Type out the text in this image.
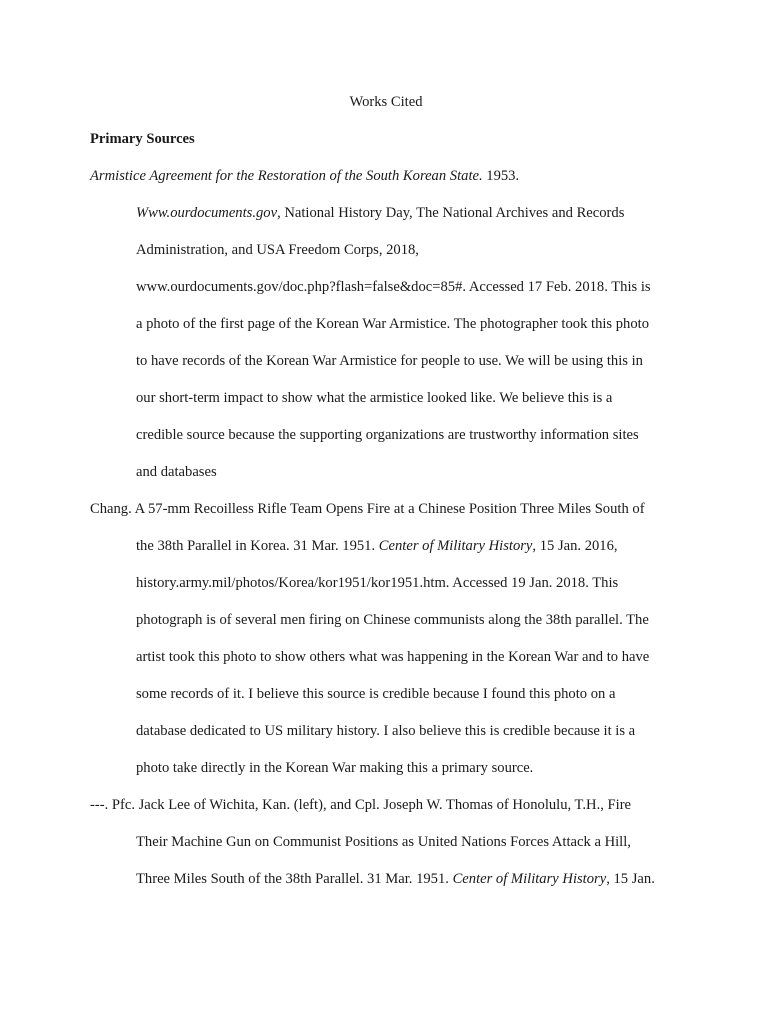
Works Cited
Primary Sources
Armistice Agreement for the Restoration of the South Korean State. 1953.
Www.ourdocuments.gov, National History Day, The National Archives and Records
Administration, and USA Freedom Corps, 2018,
www.ourdocuments.gov/doc.php?flash=false&doc=85#. Accessed 17 Feb. 2018. This is
a photo of the first page of the Korean War Armistice. The photographer took this photo
to have records of the Korean War Armistice for people to use. We will be using this in
our short-term impact to show what the armistice looked like. We believe this is a
credible source because the supporting organizations are trustworthy information sites
and databases
Chang. A 57-mm Recoilless Rifle Team Opens Fire at a Chinese Position Three Miles South of
the 38th Parallel in Korea. 31 Mar. 1951. Center of Military History, 15 Jan. 2016,
history.army.mil/photos/Korea/kor1951/kor1951.htm. Accessed 19 Jan. 2018. This
photograph is of several men firing on Chinese communists along the 38th parallel. The
artist took this photo to show others what was happening in the Korean War and to have
some records of it. I believe this source is credible because I found this photo on a
database dedicated to US military history. I also believe this is credible because it is a
photo take directly in the Korean War making this a primary source.
---. Pfc. Jack Lee of Wichita, Kan. (left), and Cpl. Joseph W. Thomas of Honolulu, T.H., Fire
Their Machine Gun on Communist Positions as United Nations Forces Attack a Hill,
Three Miles South of the 38th Parallel. 31 Mar. 1951. Center of Military History, 15 Jan.
